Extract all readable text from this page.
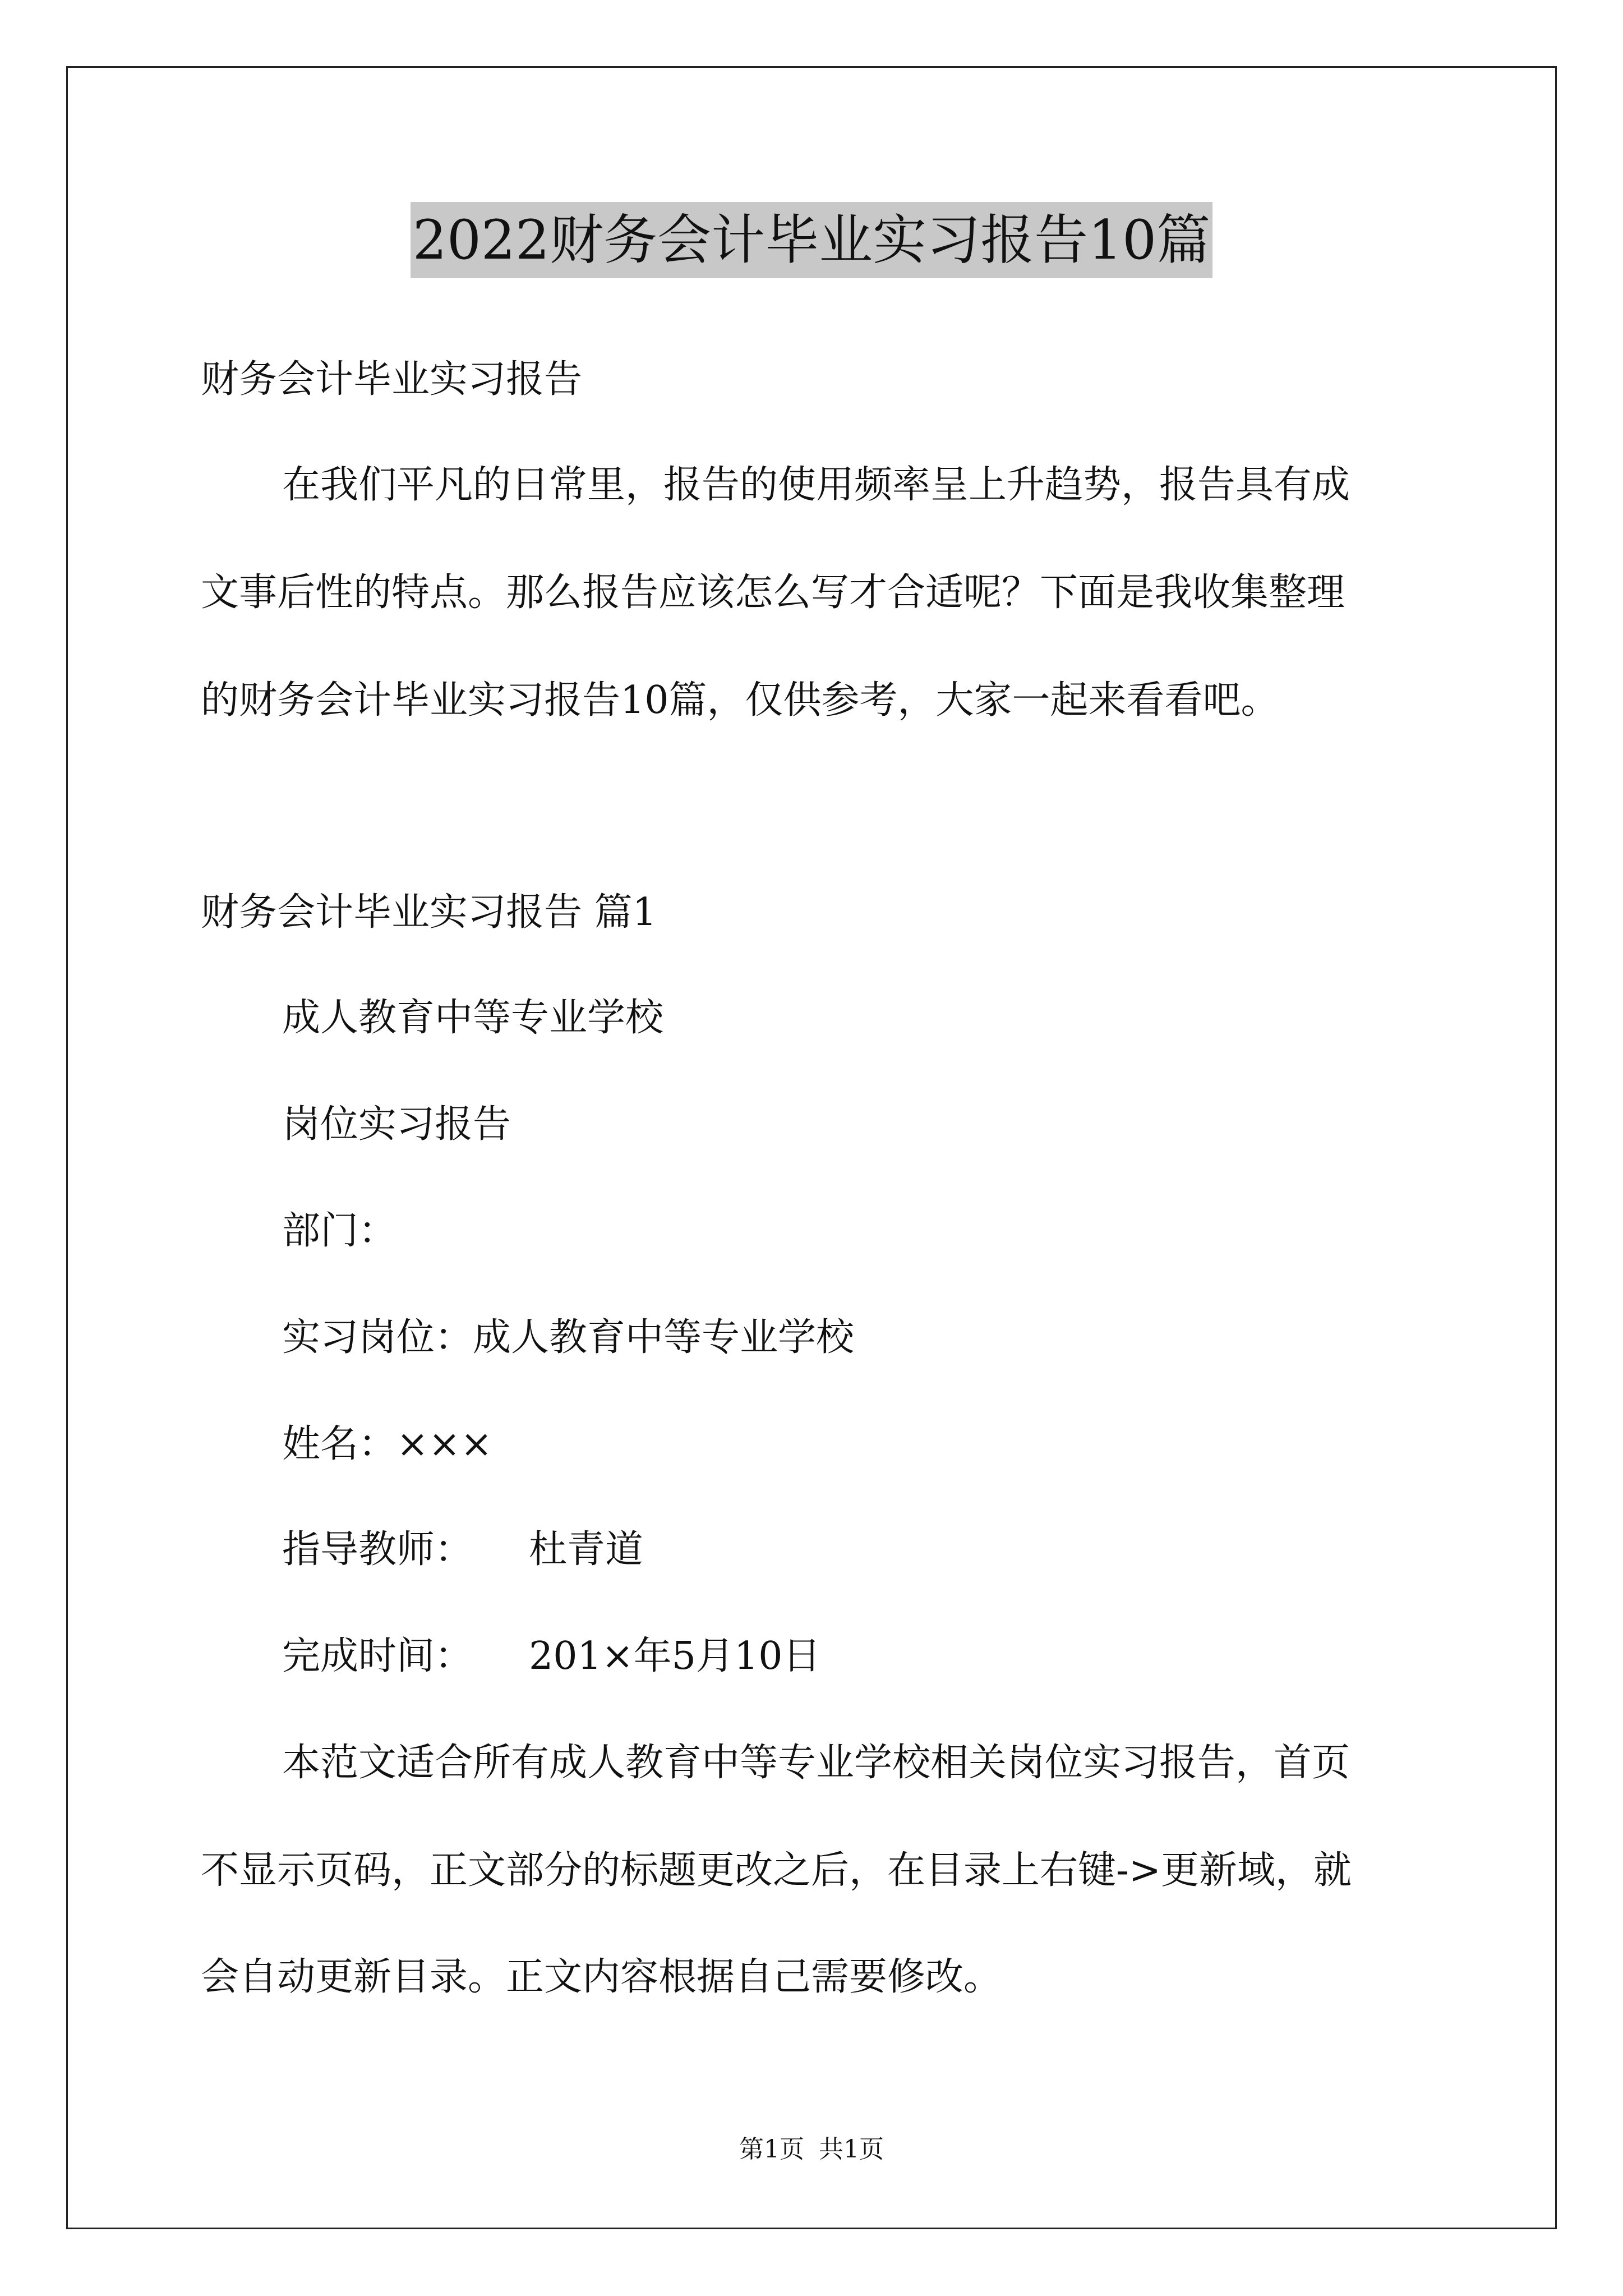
2022财务会计毕业实习报告10篇
财务会计毕业实习报告
在我们平凡的日常里，报告的使用频率呈上升趋势，报告具有成
文事后性的特点。那么报告应该怎么写才合适呢？下面是我收集整理
的财务会计毕业实习报告10篇，仅供参考，大家一起来看看吧。
财务会计毕业实习报告 篇1
成人教育中等专业学校
岗位实习报告
部门：
实习岗位：成人教育中等专业学校
姓名：×××
指导教师： 杜青道
完成时间： 201×年5月10日
本范文适合所有成人教育中等专业学校相关岗位实习报告，首页
不显示页码，正文部分的标题更改之后，在目录上右键->更新域，就
会自动更新目录。正文内容根据自己需要修改。
第1页 共1页
